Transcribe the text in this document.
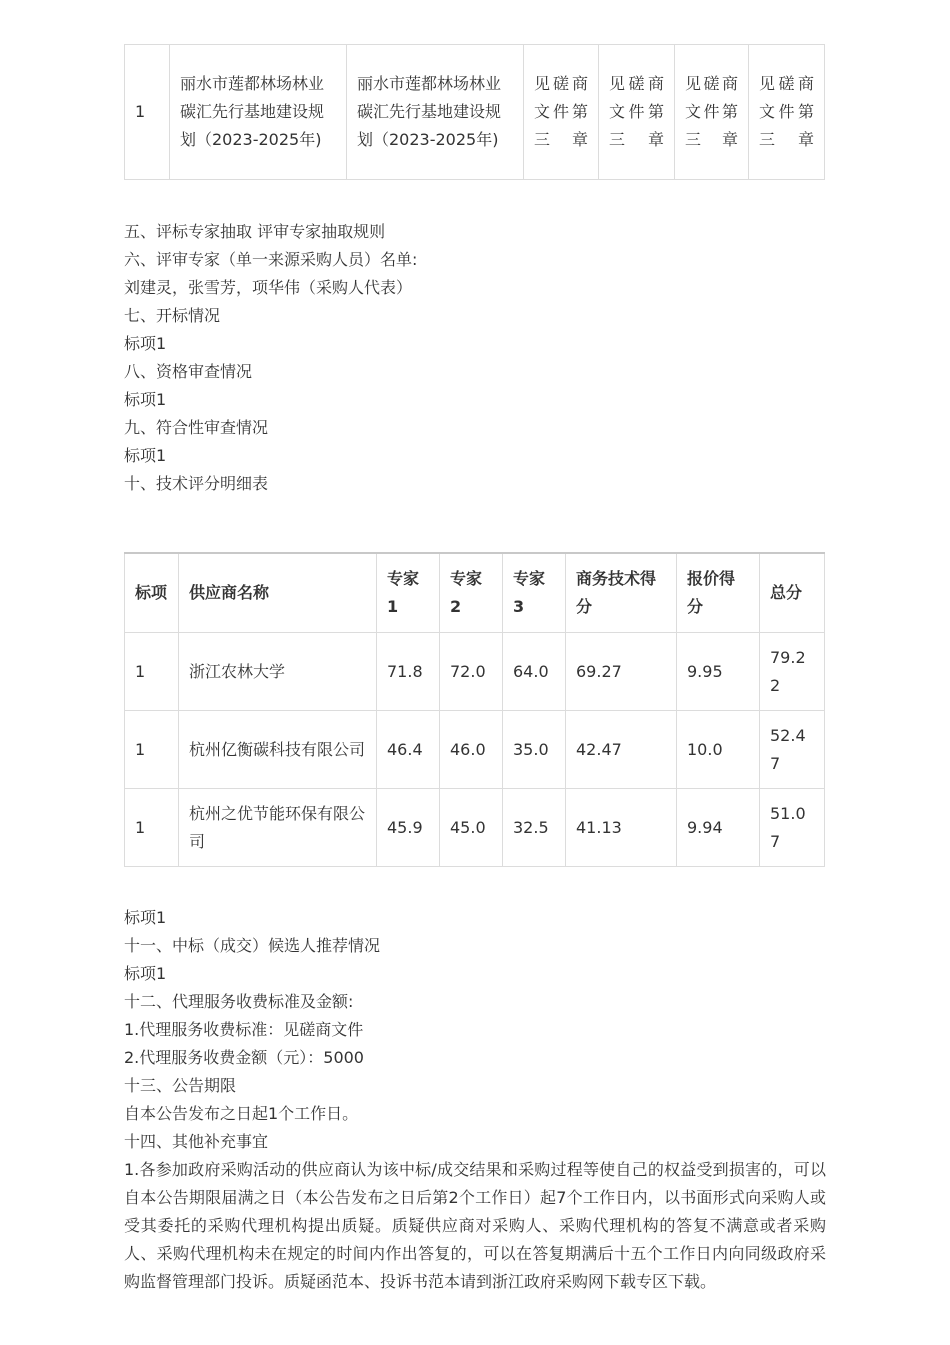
1	丽水市莲都林场林业碳汇先行基地建设规划（2023-2025年)	丽水市莲都林场林业碳汇先行基地建设规划（2023-2025年)	见磋商文件第三章	见磋商文件第三章	见磋商文件第三章	见磋商文件第三章
五、评标专家抽取 评审专家抽取规则
六、评审专家（单一来源采购人员）名单:
刘建灵，张雪芳，项华伟（采购人代表）
七、开标情况
标项1
八、资格审查情况
标项1
九、符合性审查情况
标项1
十、技术评分明细表
标项	供应商名称	专家1	专家2	专家3	商务技术得分	报价得分	总分
1	浙江农林大学	71.8	72.0	64.0	69.27	9.95	79.22
1	杭州亿衡碳科技有限公司	46.4	46.0	35.0	42.47	10.0	52.47
1	杭州之优节能环保有限公司	45.9	45.0	32.5	41.13	9.94	51.07
标项1
十一、中标（成交）候选人推荐情况
标项1
十二、代理服务收费标准及金额:
1.代理服务收费标准：见磋商文件
2.代理服务收费金额（元）：5000
十三、公告期限
自本公告发布之日起1个工作日。
十四、其他补充事宜
1.各参加政府采购活动的供应商认为该中标/成交结果和采购过程等使自己的权益受到损害的，可以自本公告期限届满之日（本公告发布之日后第2个工作日）起7个工作日内，以书面形式向采购人或受其委托的采购代理机构提出质疑。质疑供应商对采购人、采购代理机构的答复不满意或者采购人、采购代理机构未在规定的时间内作出答复的，可以在答复期满后十五个工作日内向同级政府采购监督管理部门投诉。质疑函范本、投诉书范本请到浙江政府采购网下载专区下载。
